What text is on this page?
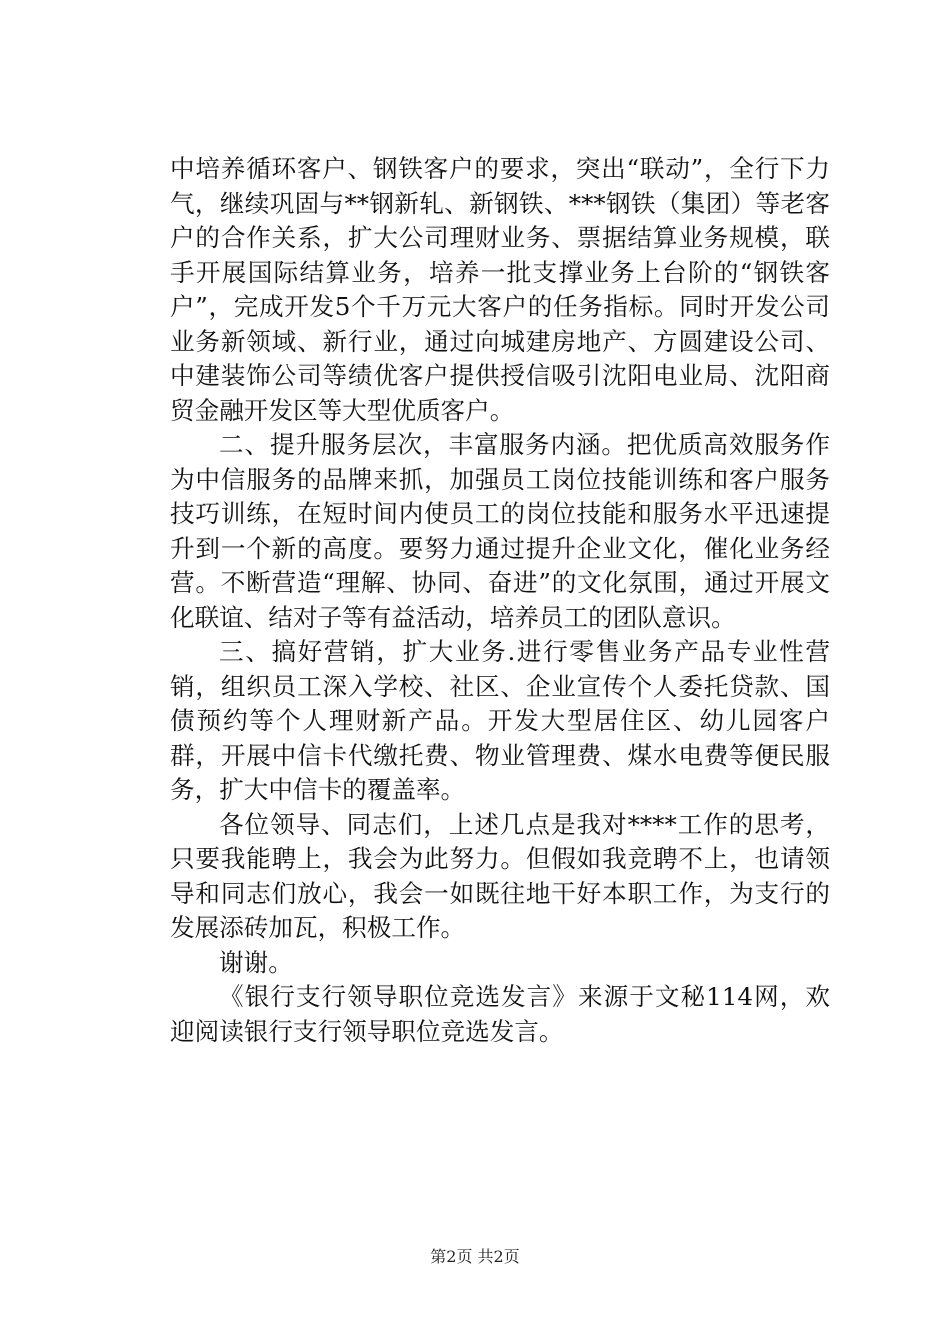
中培养循环客户、钢铁客户的要求，突出“联动”，全行下力气，继续巩固与**钢新轧、新钢铁、***钢铁（集团）等老客户的合作关系，扩大公司理财业务、票据结算业务规模，联手开展国际结算业务，培养一批支撑业务上台阶的“钢铁客户”，完成开发5个千万元大客户的任务指标。同时开发公司业务新领域、新行业，通过向城建房地产、方圆建设公司、中建装饰公司等绩优客户提供授信吸引沈阳电业局、沈阳商贸金融开发区等大型优质客户。

二、提升服务层次，丰富服务内涵。把优质高效服务作为中信服务的品牌来抓，加强员工岗位技能训练和客户服务技巧训练，在短时间内使员工的岗位技能和服务水平迅速提升到一个新的高度。要努力通过提升企业文化，催化业务经营。不断营造“理解、协同、奋进”的文化氛围，通过开展文化联谊、结对子等有益活动，培养员工的团队意识。

三、搞好营销，扩大业务.进行零售业务产品专业性营销，组织员工深入学校、社区、企业宣传个人委托贷款、国债预约等个人理财新产品。开发大型居住区、幼儿园客户群，开展中信卡代缴托费、物业管理费、煤水电费等便民服务，扩大中信卡的覆盖率。

各位领导、同志们，上述几点是我对****工作的思考，只要我能聘上，我会为此努力。但假如我竞聘不上，也请领导和同志们放心，我会一如既往地干好本职工作，为支行的发展添砖加瓦，积极工作。

谢谢。

《银行支行领导职位竞选发言》来源于文秘114网，欢迎阅读银行支行领导职位竞选发言。

第2页 共2页
